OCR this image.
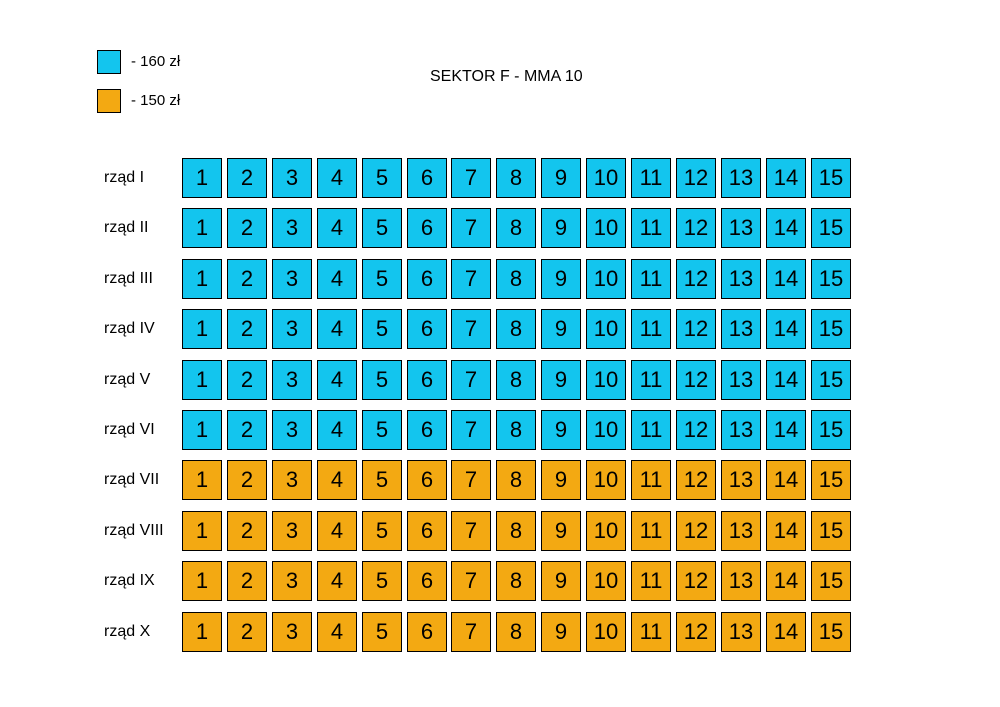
- 160 zł
- 150 zł
SEKTOR F - MMA 10
rząd I	1	2	3	4	5	6	7	8	9	10 11 12 13 14 15
rząd II	1	2	3	4	5	6	7	8	9	10 11 12 13 14 15
rząd III	1	2	3	4	5	6	7	8	9	10 11 12 13 14 15
rząd IV	1	2	3	4	5	6	7	8	9	10 11 12 13 14 15
rząd V	1	2	3	4	5	6	7	8	9	10 11 12 13 14 15
rząd VI	1	2	3	4	5	6	7	8	9	10 11 12 13 14 15
rząd VII	1	2	3	4	5	6	7	8	9	10 11 12 13 14 15
rząd VIII	1	2	3	4	5	6	7	8	9	10 11 12 13 14 15
rząd IX	1	2	3	4	5	6	7	8	9	10 11 12 13 14 15
rząd X	1	2	3	4	5	6	7	8	9	10 11 12 13 14 15
